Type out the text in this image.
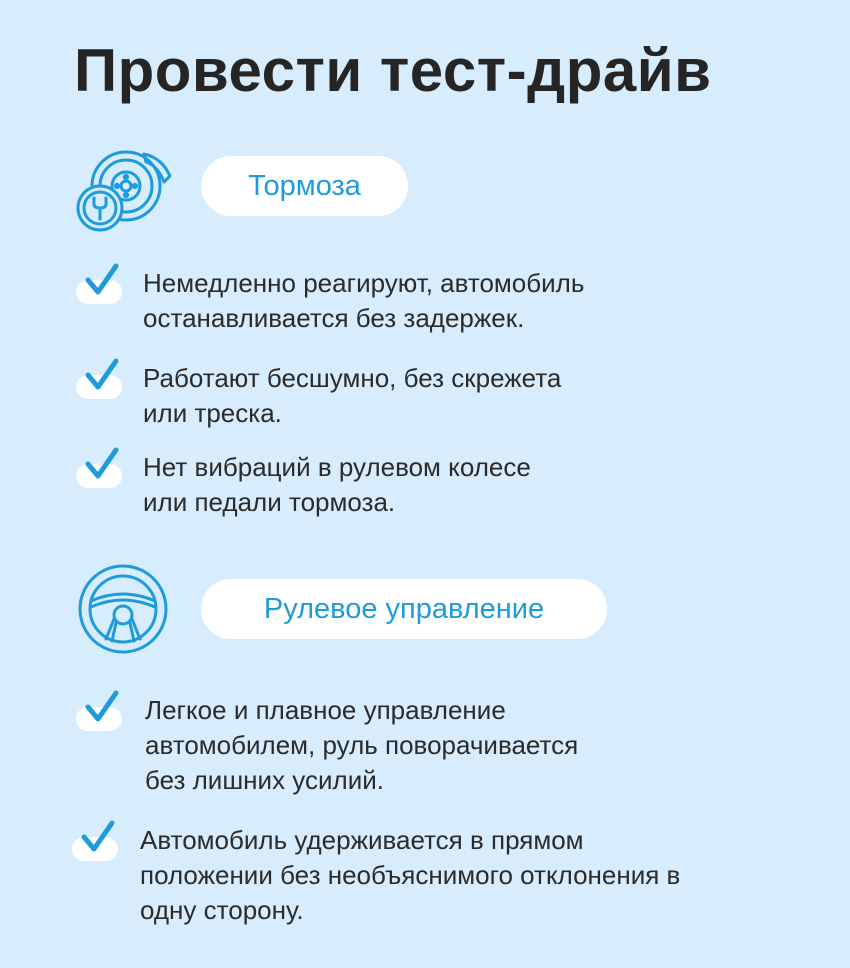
Провести тест-драйв
Тормоза

Немедленно реагируют, автомобиль
останавливается без задержек.

Работают бесшумно, без скрежета
или треска.

Нет вибраций в рулевом колесе
или педали тормоза.

Рулевое управление

Легкое и плавное управление
автомобилем, руль поворачивается
без лишних усилий.

Автомобиль удерживается в прямом
положении без необъяснимого отклонения в
одну сторону.
